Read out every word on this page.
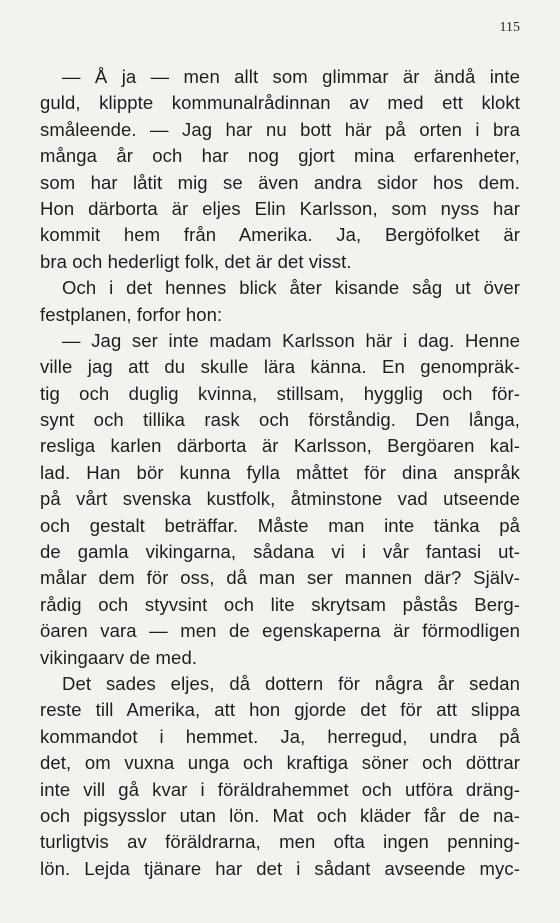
115
— Å ja — men allt som glimmar är ändå inte
guld, klippte kommunalrådinnan av med ett klokt
småleende. — Jag har nu bott här på orten i bra
många år och har nog gjort mina erfarenheter,
som har låtit mig se även andra sidor hos dem.
Hon därborta är eljes Elin Karlsson, som nyss har
kommit hem från Amerika. Ja, Bergöfolket är
bra och hederligt folk, det är det visst.
Och i det hennes blick åter kisande såg ut över
festplanen, forfor hon:
— Jag ser inte madam Karlsson här i dag. Henne
ville jag att du skulle lära känna. En genompräk-
tig och duglig kvinna, stillsam, hygglig och för-
synt och tillika rask och förståndig. Den långa,
resliga karlen därborta är Karlsson, Bergöaren kal-
lad. Han bör kunna fylla måttet för dina anspråk
på vårt svenska kustfolk, åtminstone vad utseende
och gestalt beträffar. Måste man inte tänka på
de gamla vikingarna, sådana vi i vår fantasi ut-
målar dem för oss, då man ser mannen där? Själv-
rådig och styvsint och lite skrytsam påstås Berg-
öaren vara — men de egenskaperna är förmodligen
vikingaarv de med.
Det sades eljes, då dottern för några år sedan
reste till Amerika, att hon gjorde det för att slippa
kommandot i hemmet. Ja, herregud, undra på
det, om vuxna unga och kraftiga söner och döttrar
inte vill gå kvar i föräldrahemmet och utföra dräng-
och pigsysslor utan lön. Mat och kläder får de na-
turligtvis av föräldrarna, men ofta ingen penning-
lön. Lejda tjänare har det i sådant avseende myc-
